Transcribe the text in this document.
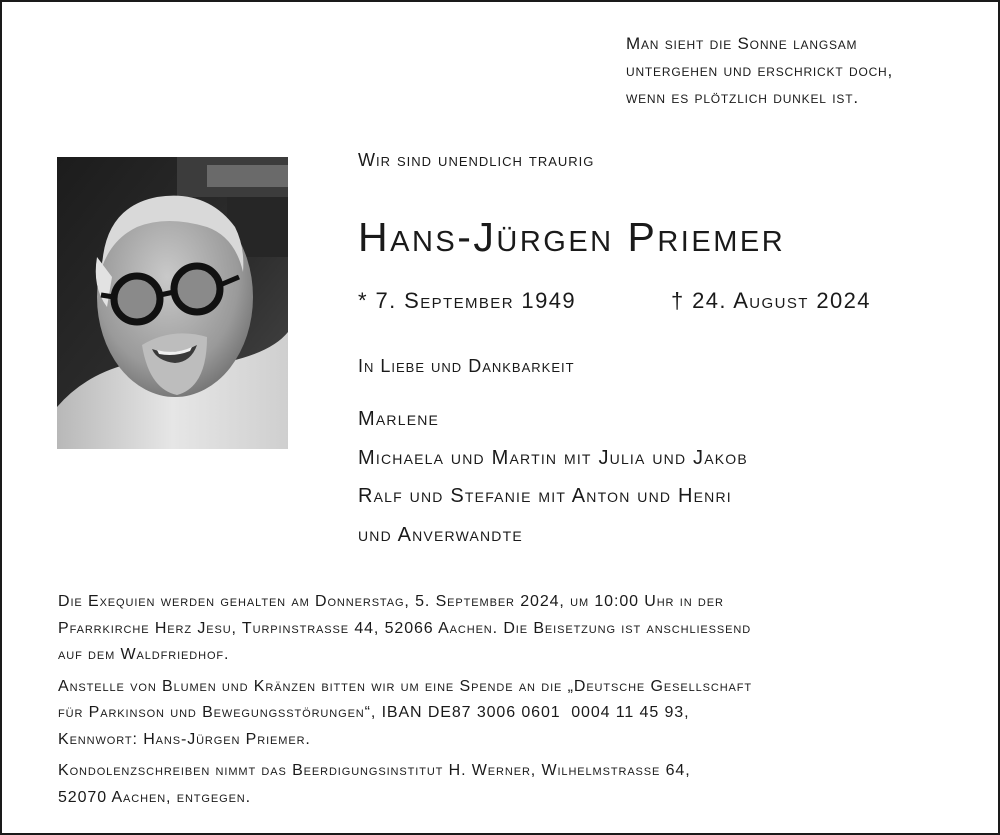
Man sieht die Sonne langsam
untergehen und erschrickt doch,
wenn es plötzlich dunkel ist.
Wir sind unendlich traurig
Hans-Jürgen Priemer
* 7. September 1949	† 24. August 2024
In Liebe und Dankbarkeit
Marlene
Michaela und Martin mit Julia und Jakob
Ralf und Stefanie mit Anton und Henri
und Anverwandte
Die Exequien werden gehalten am Donnerstag, 5. September 2024, um 10:00 Uhr in der
Pfarrkirche Herz Jesu, Turpinstrasse 44, 52066 Aachen. Die Beisetzung ist anschliessend
auf dem Waldfriedhof.
Anstelle von Blumen und Kränzen bitten wir um eine Spende an die „Deutsche Gesellschaft
für Parkinson und Bewegungsstörungen“, IBAN DE87 3006 0601  0004 11 45 93,
Kennwort: Hans-Jürgen Priemer.
Kondolenzschreiben nimmt das Beerdigungsinstitut H. Werner, Wilhelmstrasse 64,
52070 Aachen, entgegen.
